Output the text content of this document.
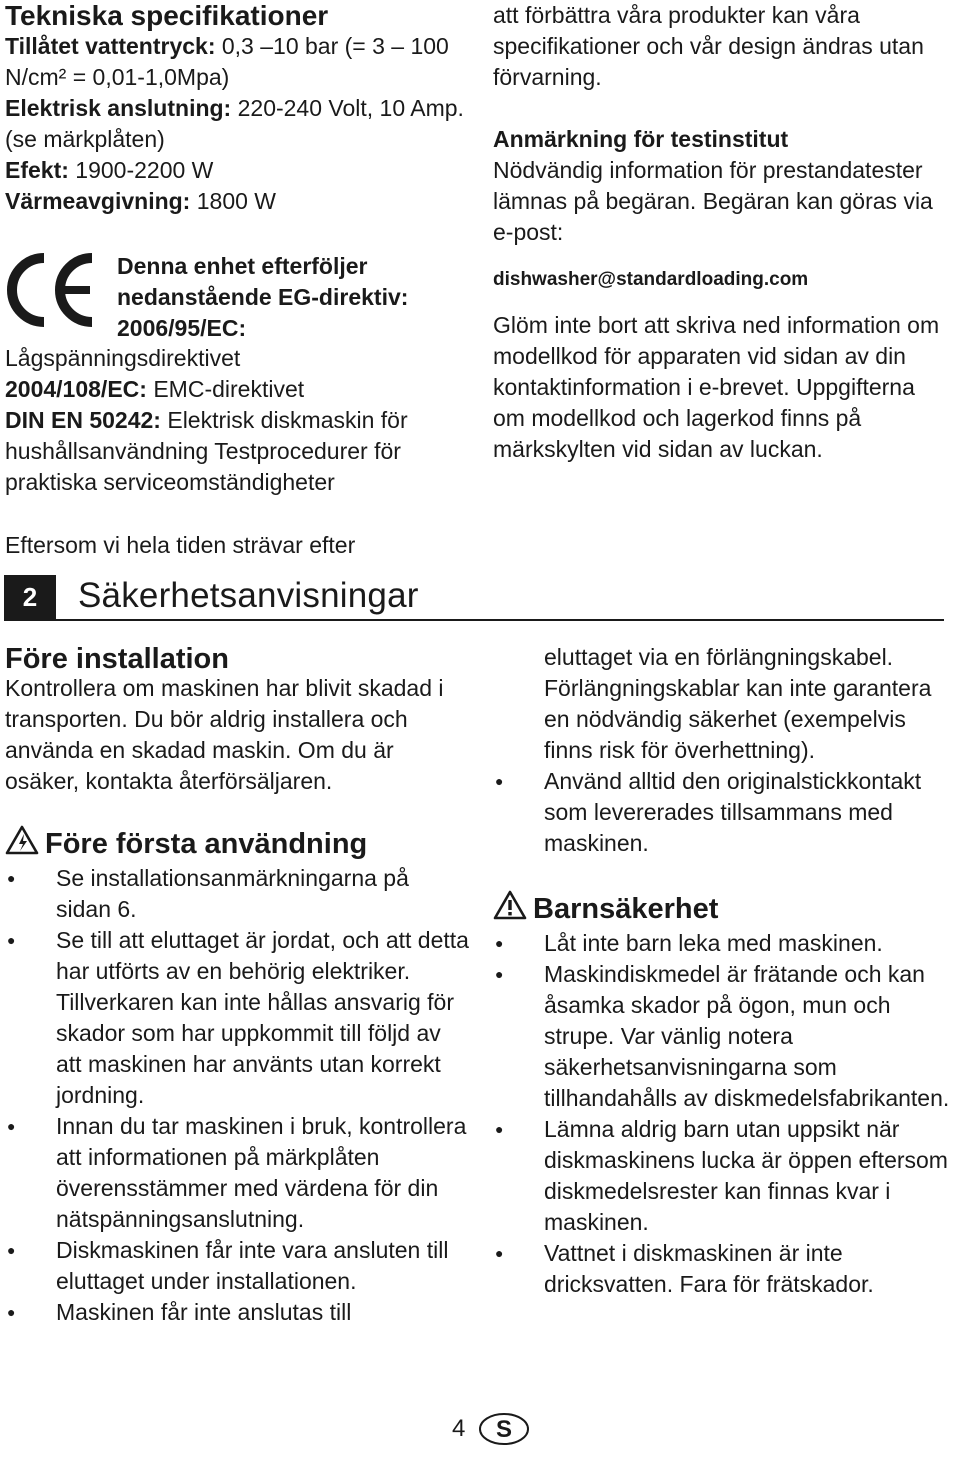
Tekniska specifikationer

Tillåtet vattentryck: 0,3 –10 bar (= 3 – 100 N/cm² = 0,01-1,0Mpa)

Elektrisk anslutning: 220-240 Volt, 10 Amp. (se märkplåten)

Efekt: 1900-2200 W

Värmeavgivning: 1800 W

Denna enhet efterföljer nedanstående EG-direktiv:

2006/95/EC:

Lågspänningsdirektivet

2004/108/EC: EMC-direktivet

DIN EN 50242: Elektrisk diskmaskin för hushållsanvändning Testprocedurer för praktiska serviceomständigheter

Eftersom vi hela tiden strävar efter

att förbättra våra produkter kan våra specifikationer och vår design ändras utan förvarning.

Anmärkning för testinstitut

Nödvändig information för prestandatester lämnas på begäran. Begäran kan göras via e-post:

dishwasher@standardloading.com

Glöm inte bort att skriva ned information om modellkod för apparaten vid sidan av din kontaktinformation i e-brevet. Uppgifterna om modellkod och lagerkod finns på märkskylten vid sidan av luckan.

2	Säkerhetsanvisningar
Före installation

Kontrollera om maskinen har blivit skadad i transporten. Du bör aldrig installera och använda en skadad maskin. Om du är osäker, kontakta återförsäljaren.

Före första användning
● Se installationsanmärkningarna på sidan 6.
● Se till att eluttaget är jordat, och att detta har utförts av en behörig elektriker. Tillverkaren kan inte hållas ansvarig för skador som har uppkommit till följd av att maskinen har använts utan korrekt jordning.
● Innan du tar maskinen i bruk, kontrollera att informationen på märkplåten överensstämmer med värdena för din nätspänningsanslutning.
● Diskmaskinen får inte vara ansluten till eluttaget under installationen.
● Maskinen får inte anslutas till

eluttaget via en förlängningskabel. Förlängningskablar kan inte garantera en nödvändig säkerhet (exempelvis finns risk för överhettning).

● Använd alltid den originalstickkontakt som levererades tillsammans med maskinen.
Barnsäkerhet
● Låt inte barn leka med maskinen.
● Maskindiskmedel är frätande och kan åsamka skador på ögon, mun och strupe. Var vänlig notera säkerhetsanvisningarna som tillhandahålls av diskmedelsfabrikanten.
● Lämna aldrig barn utan uppsikt när diskmaskinens lucka är öppen eftersom diskmedelsrester kan finnas kvar i maskinen.
● Vattnet i diskmaskinen är inte dricksvatten. Fara för frätskador.
4 S
